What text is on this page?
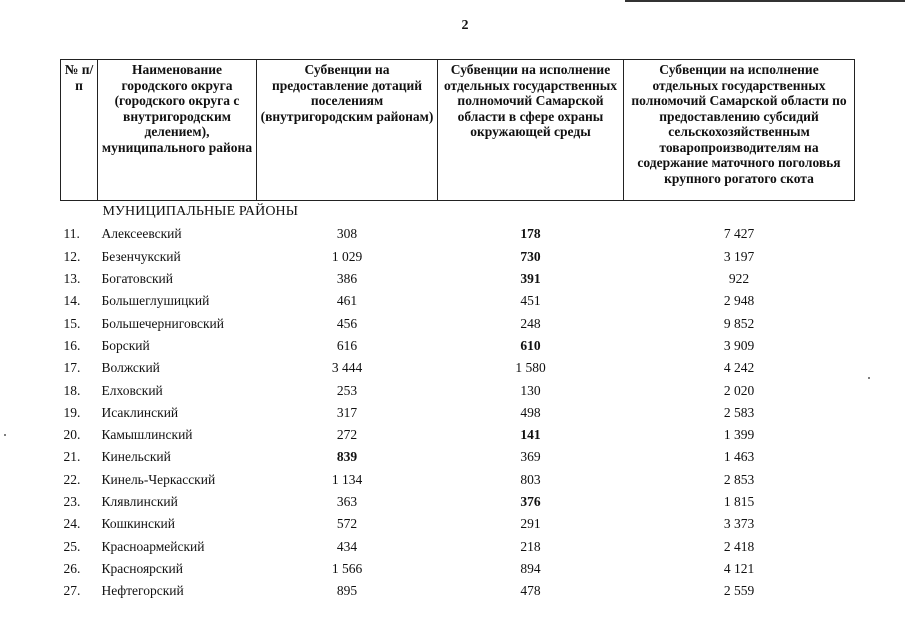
2
№ п/п	Наименование городского округа (городского округа с внутригородским делением), муниципального района	Субвенции на предоставление дотаций поселениям (внутригородским районам)	Субвенции на исполнение отдельных государственных полномочий Самарской области в сфере охраны окружающей среды	Субвенции на исполнение отдельных государственных полномочий Самарской области по предоставлению субсидий сельскохозяйственным товаропроизводителям на содержание маточного поголовья крупного рогатого скота
МУНИЦИПАЛЬНЫЕ РАЙОНЫ				
11.	Алексеевский	308	178	7 427
12.	Безенчукский	1 029	730	3 197
13.	Богатовский	386	391	922
14.	Большеглушицкий	461	451	2 948
15.	Большечерниговский	456	248	9 852
16.	Борский	616	610	3 909
17.	Волжский	3 444	1 580	4 242
18.	Елховский	253	130	2 020
19.	Исаклинский	317	498	2 583
20.	Камышлинский	272	141	1 399
21.	Кинельский	839	369	1 463
22.	Кинель-Черкасский	1 134	803	2 853
23.	Клявлинский	363	376	1 815
24.	Кошкинский	572	291	3 373
25.	Красноармейский	434	218	2 418
26.	Красноярский	1 566	894	4 121
27.	Нефтегорский	895	478	2 559
